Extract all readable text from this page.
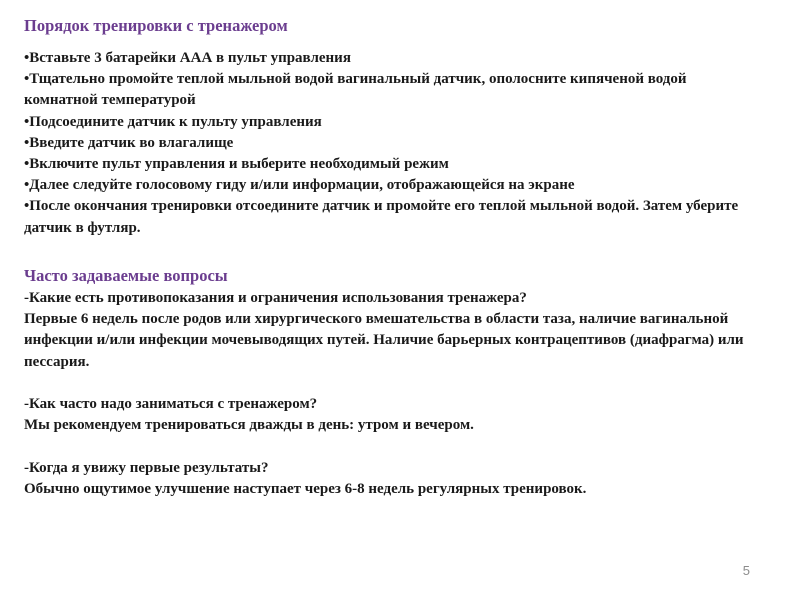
Порядок тренировки с тренажером
• Вставьте 3 батарейки ААА в пульт управления
• Тщательно промойте теплой мыльной водой вагинальный датчик, ополосните кипяченой водой комнатной температурой
• Подсоедините датчик к пульту управления
• Введите датчик во влагалище
• Включите пульт управления и выберите необходимый режим
• Далее следуйте голосовому гиду и/или информации, отображающейся на экране
• После окончания тренировки отсоедините датчик и промойте его теплой мыльной водой. Затем уберите датчик в футляр.
Часто задаваемые вопросы
-Какие есть противопоказания и ограничения использования тренажера?
Первые 6 недель после родов или хирургического вмешательства в области таза, наличие вагинальной инфекции и/или инфекции мочевыводящих путей. Наличие барьерных контрацептивов (диафрагма) или пессария.
-Как часто надо заниматься с тренажером?
Мы рекомендуем тренироваться дважды в день: утром и вечером.
-Когда я увижу первые результаты?
Обычно ощутимое улучшение наступает через 6-8 недель регулярных тренировок.
5
